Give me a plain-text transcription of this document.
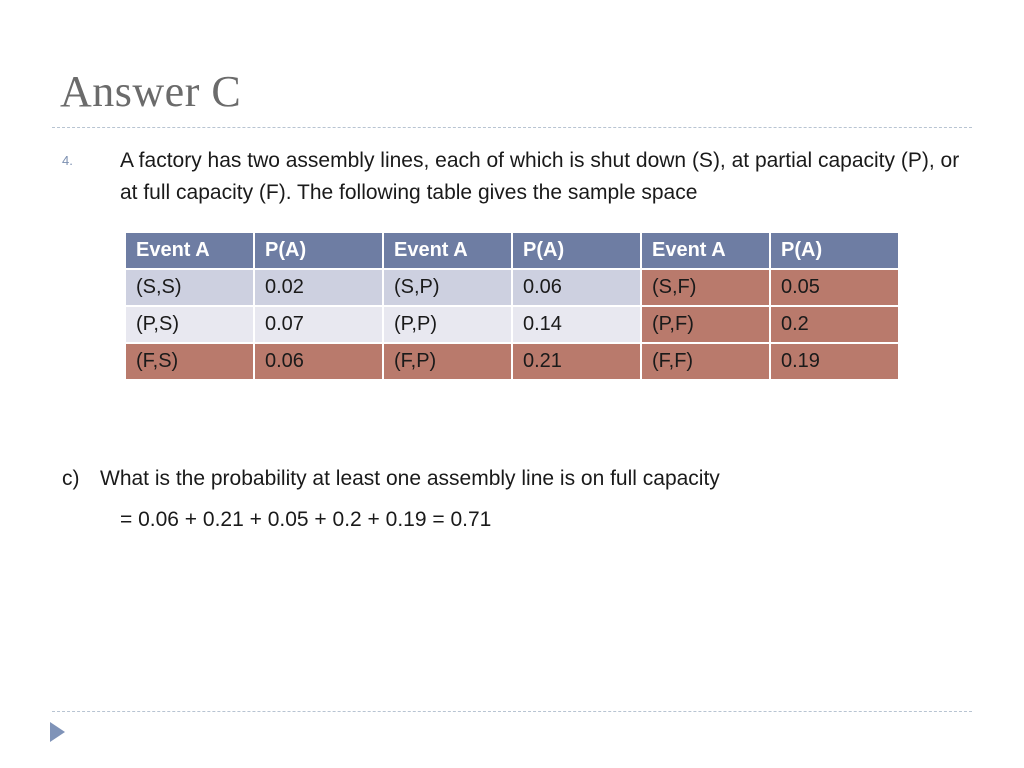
Answer C
4. A factory has two assembly lines, each of which is shut down (S), at partial capacity (P), or at full capacity (F). The following table gives the sample space
Event A	P(A)	Event A	P(A)	Event A	P(A)
(S,S)	0.02	(S,P)	0.06	(S,F)	0.05
(P,S)	0.07	(P,P)	0.14	(P,F)	0.2
(F,S)	0.06	(F,P)	0.21	(F,F)	0.19
c) What is the probability at least one assembly line is on full capacity
= 0.06 + 0.21 + 0.05 + 0.2 + 0.19 = 0.71
